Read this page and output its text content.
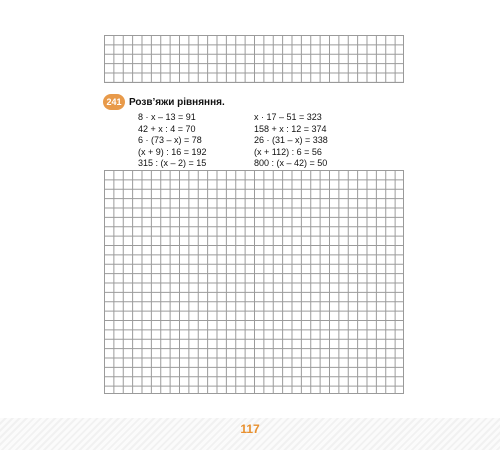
241 Розв’яжи рівняння.
8 · x – 13 = 91
42 + x : 4 = 70
6 · (73 – x) = 78
(x + 9) : 16 = 192
315 : (x – 2) = 15
x · 17 – 51 = 323
158 + x : 12 = 374
26 · (31 – x) = 338
(x + 112) : 6 = 56
800 : (x – 42) = 50
117
